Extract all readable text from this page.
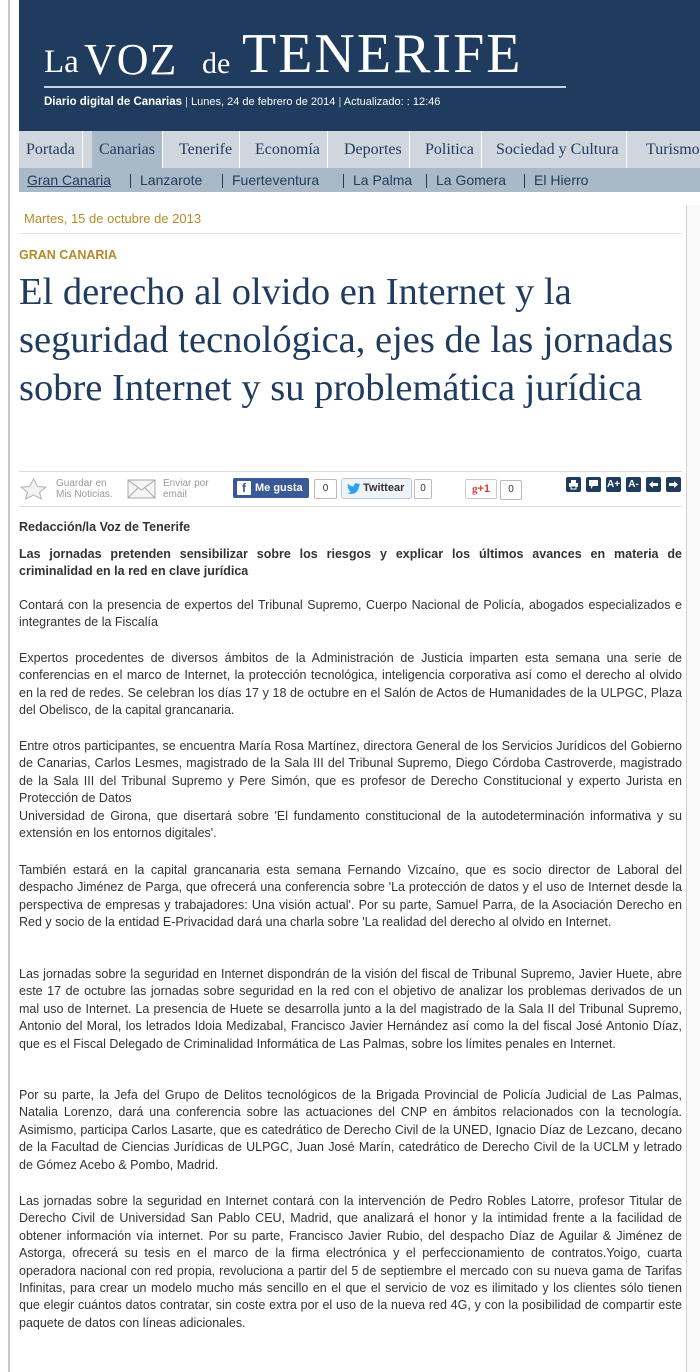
La VOZ de TENERIFE
Diario digital de Canarias | Lunes, 24 de febrero de 2014 | Actualizado: : 12:46
Portada	Canarias	Tenerife	Economía	Deportes	Politica	Sociedad y Cultura	Turismo
Gran Canaria Lanzarote Fuerteventura La Palma La Gomera El Hierro
Martes, 15 de octubre de 2013
GRAN CANARIA
El derecho al olvido en Internet y la seguridad tecnológica, ejes de las jornadas sobre Internet y su problemática jurídica
Guardar en
Mis Noticias.
Enviar por
email	f Me gusta	0	Twittear	0	g+1	0	A+ A-
Redacción/la Voz de Tenerife

Las jornadas pretenden sensibilizar sobre los riesgos y explicar los últimos avances en materia de criminalidad en la red en clave jurídica

Contará con la presencia de expertos del Tribunal Supremo, Cuerpo Nacional de Policía, abogados especializados e integrantes de la Fiscalía

Expertos procedentes de diversos ámbitos de la Administración de Justicia imparten esta semana una serie de conferencias en el marco de Internet, la protección tecnológica, inteligencia corporativa así como el derecho al olvido en la red de redes. Se celebran los días 17 y 18 de octubre en el Salón de Actos de Humanidades de la ULPGC, Plaza del Obelisco, de la capital grancanaria.

Entre otros participantes, se encuentra María Rosa Martínez, directora General de los Servicios Jurídicos del Gobierno de Canarias, Carlos Lesmes, magistrado de la Sala III del Tribunal Supremo, Diego Córdoba Castroverde, magistrado de la Sala III del Tribunal Supremo y Pere Simón, que es profesor de Derecho Constitucional y experto Jurista en Protección de Datos
Universidad de Girona, que disertará sobre 'El fundamento constitucional de la autodeterminación informativa y su extensión en los entornos digitales'.

También estará en la capital grancanaria esta semana Fernando Vizcaíno, que es socio director de Laboral del despacho Jiménez de Parga, que ofrecerá una conferencia sobre 'La protección de datos y el uso de Internet desde la perspectiva de empresas y trabajadores: Una visión actual'. Por su parte, Samuel Parra, de la Asociación Derecho en Red y socio de la entidad E-Privacidad dará una charla sobre 'La realidad del derecho al olvido en Internet.

Las jornadas sobre la seguridad en Internet dispondrán de la visión del fiscal de Tribunal Supremo, Javier Huete, abre este 17 de octubre las jornadas sobre seguridad en la red con el objetivo de analizar los problemas derivados de un mal uso de Internet. La presencia de Huete se desarrolla junto a la del magistrado de la Sala II del Tribunal Supremo, Antonio del Moral, los letrados Idoia Medizabal, Francisco Javier Hernández así como la del fiscal José Antonio Díaz, que es el Fiscal Delegado de Criminalidad Informática de Las Palmas, sobre los límites penales en Internet.

Por su parte, la Jefa del Grupo de Delitos tecnológicos de la Brigada Provincial de Policía Judicial de Las Palmas, Natalia Lorenzo, dará una conferencia sobre las actuaciones del CNP en ámbitos relacionados con la tecnología. Asimismo, participa Carlos Lasarte, que es catedrático de Derecho Civil de la UNED, Ignacio Díaz de Lezcano, decano de la Facultad de Ciencias Jurídicas de ULPGC, Juan José Marín, catedrático de Derecho Civil de la UCLM y letrado de Gómez Acebo & Pombo, Madrid.

Las jornadas sobre la seguridad en Internet contará con la intervención de Pedro Robles Latorre, profesor Titular de Derecho Civil de Universidad San Pablo CEU, Madrid, que analizará el honor y la intimidad frente a la facilidad de obtener información vía internet. Por su parte, Francisco Javier Rubio, del despacho Díaz de Aguilar & Jiménez de Astorga, ofrecerá su tesis en el marco de la firma electrónica y el perfeccionamiento de contratos.Yoigo, cuarta operadora nacional con red propia, revoluciona a partir del 5 de septiembre el mercado con su nueva gama de Tarifas Infinitas, para crear un modelo mucho más sencillo en el que el servicio de voz es ilimitado y los clientes sólo tienen que elegir cuántos datos contratar, sin coste extra por el uso de la nueva red 4G, y con la posibilidad de compartir este paquete de datos con líneas adicionales.
